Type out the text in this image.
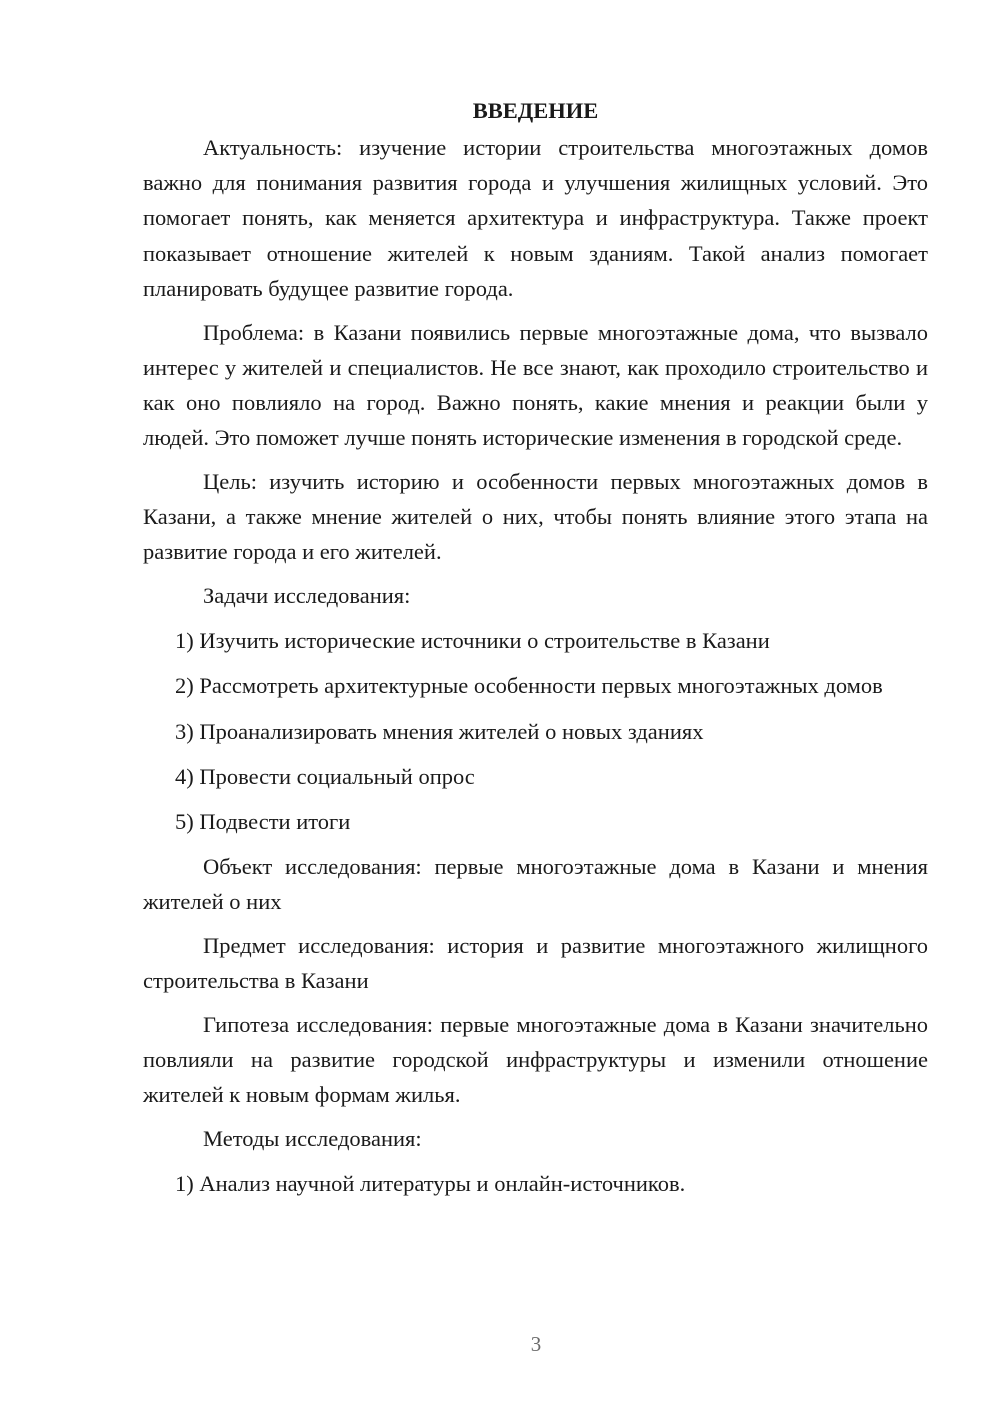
ВВЕДЕНИЕ

Актуальность: изучение истории строительства многоэтажных домов важно для понимания развития города и улучшения жилищных условий. Это помогает понять, как меняется архитектура и инфраструктура. Также проект показывает отношение жителей к новым зданиям. Такой анализ помогает планировать будущее развитие города.

Проблема: в Казани появились первые многоэтажные дома, что вызвало интерес у жителей и специалистов. Не все знают, как проходило строительство и как оно повлияло на город. Важно понять, какие мнения и реакции были у людей. Это поможет лучше понять исторические изменения в городской среде.

Цель: изучить историю и особенности первых многоэтажных домов в Казани, а также мнение жителей о них, чтобы понять влияние этого этапа на развитие города и его жителей.

Задачи исследования:

1) Изучить исторические источники о строительстве в Казани

2) Рассмотреть архитектурные особенности первых многоэтажных домов

3) Проанализировать мнения жителей о новых зданиях

4) Провести социальный опрос

5) Подвести итоги

Объект исследования: первые многоэтажные дома в Казани и мнения жителей о них

Предмет исследования: история и развитие многоэтажного жилищного строительства в Казани

Гипотеза исследования: первые многоэтажные дома в Казани значительно повлияли на развитие городской инфраструктуры и изменили отношение жителей к новым формам жилья.

Методы исследования:

1) Анализ научной литературы и онлайн-источников.

3
